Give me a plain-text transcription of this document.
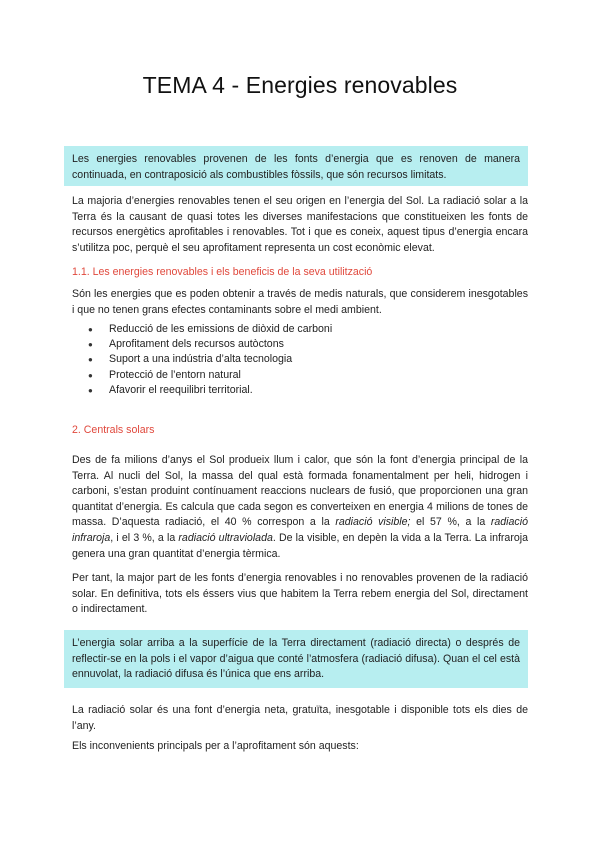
TEMA 4 - Energies renovables

Les energies renovables provenen de les fonts d’energia que es renoven de manera continuada, en contraposició als combustibles fòssils, que són recursos limitats.

La majoria d’energies renovables tenen el seu origen en l’energia del Sol. La radiació solar a la Terra és la causant de quasi totes les diverses manifestacions que constitueixen les fonts de recursos energètics aprofitables i renovables. Tot i que es coneix, aquest tipus d’energia encara s’utilitza poc, perquè el seu aprofitament representa un cost econòmic elevat.

1.1. Les energies renovables i els beneficis de la seva utilització

Són les energies que es poden obtenir a través de medis naturals, que considerem inesgotables i que no tenen grans efectes contaminants sobre el medi ambient.

● Reducció de les emissions de diòxid de carboni
● Aprofitament dels recursos autòctons
● Suport a una indústria d’alta tecnologia
● Protecció de l’entorn natural
● Afavorir el reequilibri territorial.
2. Centrals solars

Des de fa milions d’anys el Sol produeix llum i calor, que són la font d’energia principal de la Terra. Al nucli del Sol, la massa del qual està formada fonamentalment per heli, hidrogen i carboni, s’estan produint contínuament reaccions nuclears de fusió, que proporcionen una gran quantitat d’energia. Es calcula que cada segon es converteixen en energia 4 milions de tones de massa. D’aquesta radiació, el 40 % correspon a la radiació visible; el 57 %, a la radiació infraroja, i el 3 %, a la radiació ultraviolada. De la visible, en depèn la vida a la Terra. La infraroja genera una gran quantitat d’energia tèrmica.

Per tant, la major part de les fonts d’energia renovables i no renovables provenen de la radiació solar. En definitiva, tots els éssers vius que habitem la Terra rebem energia del Sol, directament o indirectament.

L’energia solar arriba a la superfície de la Terra directament (radiació directa) o després de reflectir-se en la pols i el vapor d’aigua que conté l’atmosfera (radiació difusa). Quan el cel està ennuvolat, la radiació difusa és l’única que ens arriba.

La radiació solar és una font d’energia neta, gratuïta, inesgotable i disponible tots els dies de l’any.

Els inconvenients principals per a l’aprofitament són aquests:
